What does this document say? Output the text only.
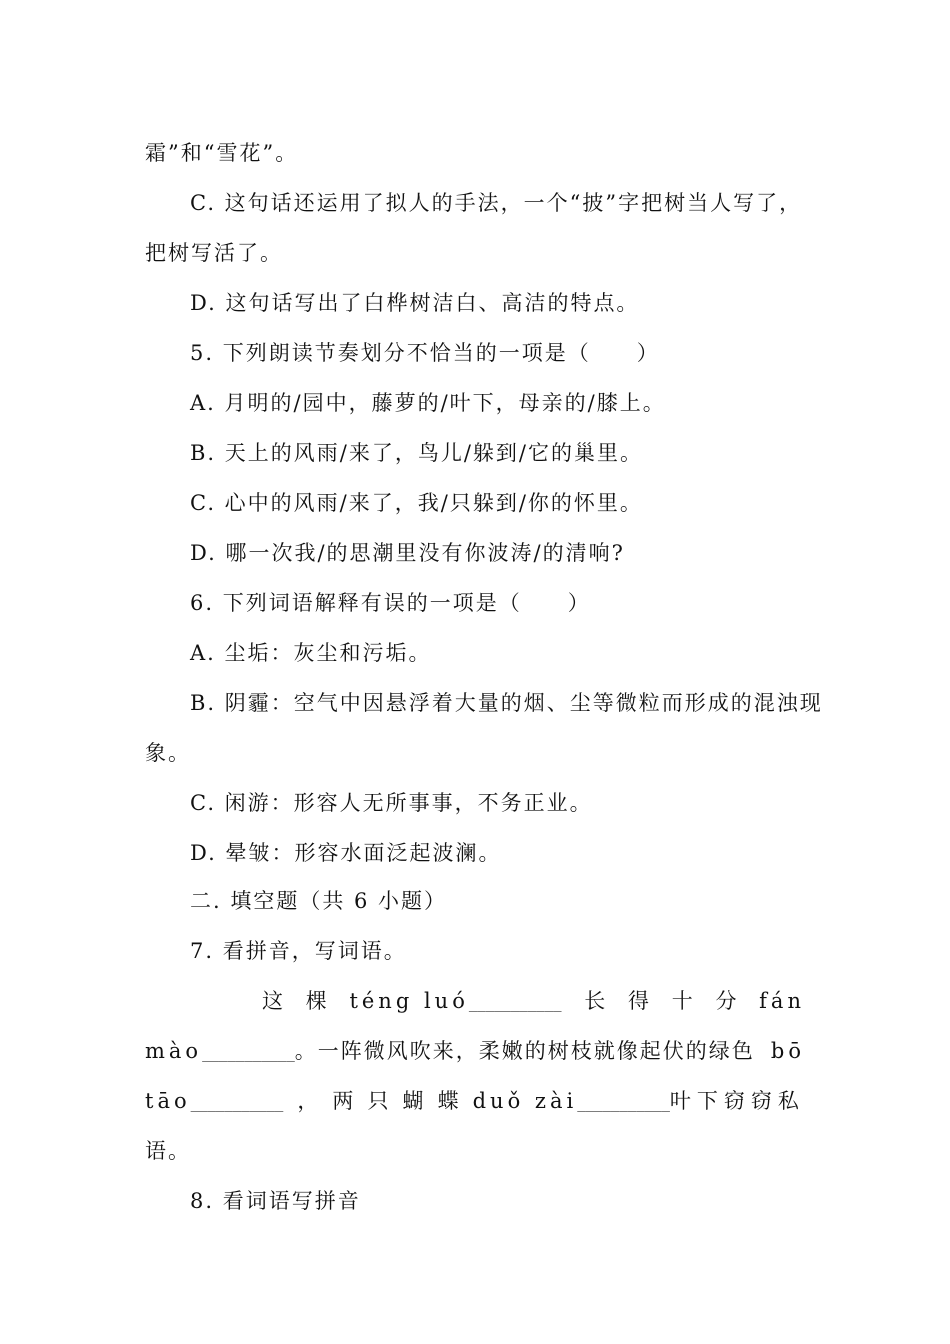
霜”和“雪花”。
C. 这句话还运用了拟人的手法，一个“披”字把树当人写了，
把树写活了。
D. 这句话写出了白桦树洁白、高洁的特点。
5. 下列朗读节奏划分不恰当的一项是（　　）
A. 月明的/园中，藤萝的/叶下，母亲的/膝上。
B. 天上的风雨/来了，鸟儿/躲到/它的巢里。
C. 心中的风雨/来了，我/只躲到/你的怀里。
D. 哪一次我/的思潮里没有你波涛/的清响?
6. 下列词语解释有误的一项是（　　）
A. 尘垢：灰尘和污垢。
B. 阴霾：空气中因悬浮着大量的烟、尘等微粒而形成的混浊现
象。
C. 闲游：形容人无所事事，不务正业。
D. 晕皱：形容水面泛起波澜。
二. 填空题（共 6 小题）
7. 看拼音，写词语。
这 棵 téng luó___________ 长 得 十 分 fán
mào___________。一阵微风吹来，柔嫩的树枝就像起伏的绿色 bō
tāo___________ ， 两 只 蝴 蝶 duǒ zài___________叶下窃窃私
语。
8. 看词语写拼音
